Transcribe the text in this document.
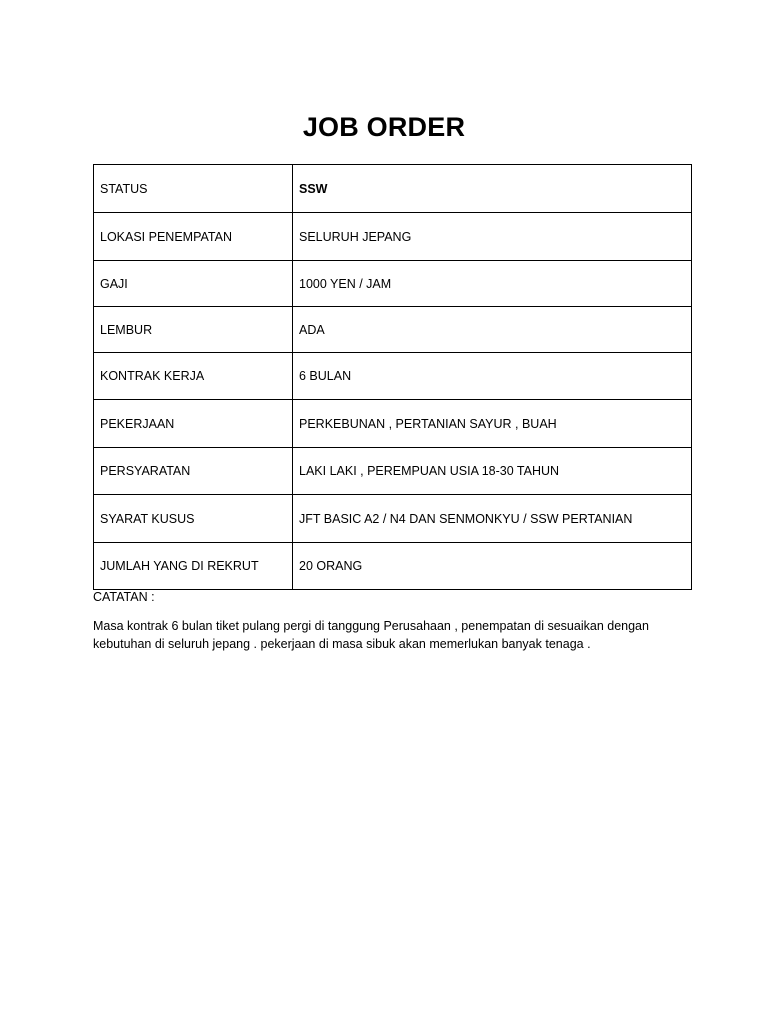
JOB ORDER
STATUS	SSW
LOKASI PENEMPATAN	SELURUH JEPANG
GAJI	1000 YEN / JAM
LEMBUR	ADA
KONTRAK KERJA	6 BULAN
PEKERJAAN	PERKEBUNAN , PERTANIAN SAYUR , BUAH
PERSYARATAN	LAKI LAKI , PEREMPUAN USIA 18-30 TAHUN
SYARAT KUSUS	JFT BASIC A2 / N4 DAN SENMONKYU / SSW PERTANIAN
JUMLAH YANG DI REKRUT	20 ORANG
CATATAN :
Masa kontrak 6 bulan tiket pulang pergi di tanggung Perusahaan , penempatan di sesuaikan dengan kebutuhan di seluruh jepang . pekerjaan di masa sibuk akan memerlukan banyak tenaga .
